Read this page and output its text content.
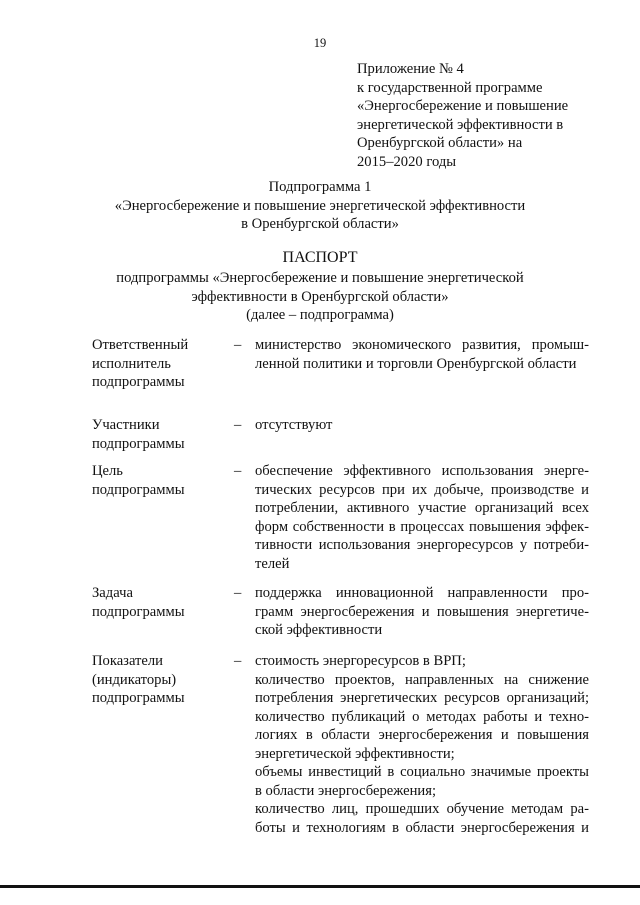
19
Приложение № 4
к государственной программе
«Энергосбережение и повышение
энергетической эффективности в
Оренбургской области» на
2015–2020 годы
Подпрограмма 1
«Энергосбережение и повышение энергетической эффективности
в Оренбургской области»
ПАСПОРТ
подпрограммы «Энергосбережение и повышение энергетической
эффективности в Оренбургской области»
(далее – подпрограмма)
Ответственный
исполнитель
подпрограммы
– министерство экономического развития, промыш-
ленной политики и торговли Оренбургской области
Участники
подпрограммы
– отсутствуют
Цель
подпрограммы
– обеспечение эффективного использования энерге-
тических ресурсов при их добыче, производстве и
потреблении, активного участие организаций всех
форм собственности в процессах повышения эффек-
тивности использования энергоресурсов у потреби-
телей
Задача
подпрограммы
– поддержка инновационной направленности про-
грамм энергосбережения и повышения энергетиче-
ской эффективности
Показатели
(индикаторы)
подпрограммы
– стоимость энергоресурсов в ВРП;
количество проектов, направленных на снижение
потребления энергетических ресурсов организаций;
количество публикаций о методах работы и техно-
логиях в области энергосбережения и повышения
энергетической эффективности;
объемы инвестиций в социально значимые проекты
в области энергосбережения;
количество лиц, прошедших обучение методам ра-
боты и технологиям в области энергосбережения и
